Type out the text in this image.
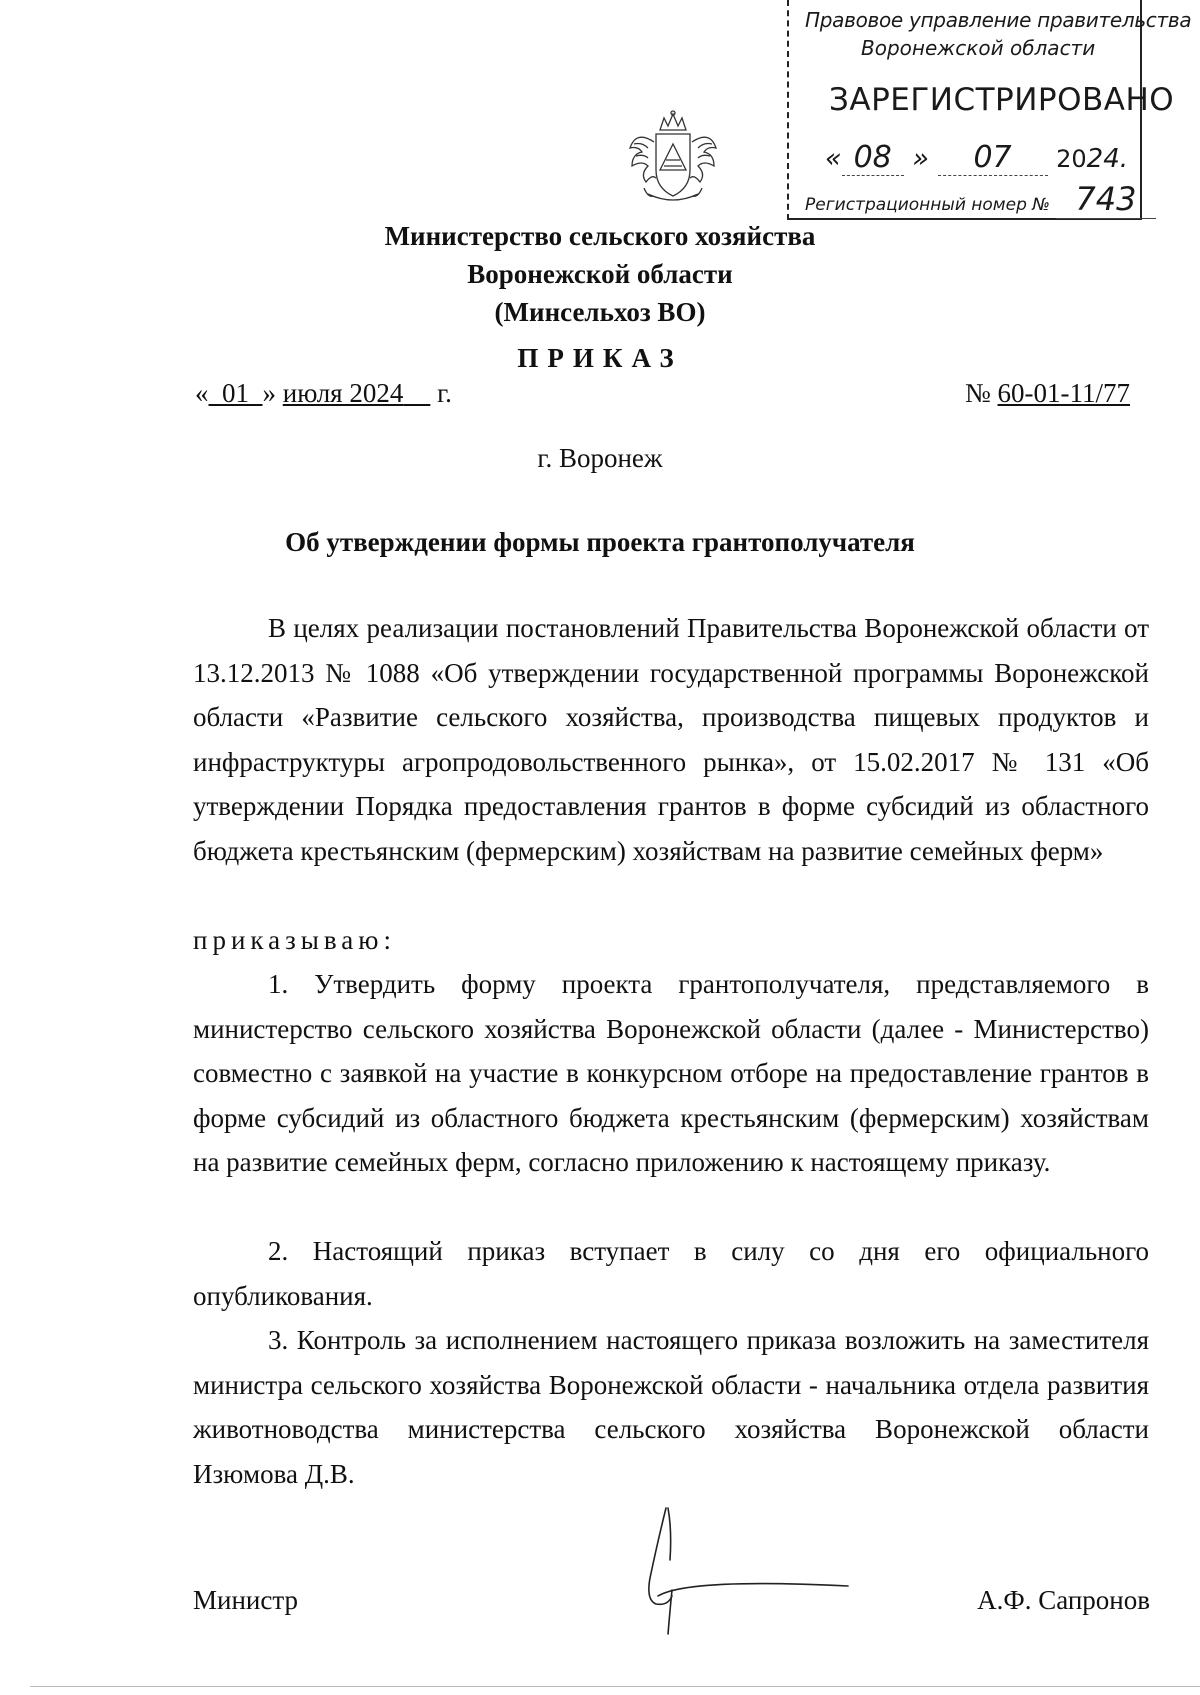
Правовое управление правительства
Воронежской области
ЗАРЕГИСТРИРОВАНО
« 08 » 07 2024.
Регистрационный номер № 743
Министерство сельского хозяйства
Воронежской области
(Минсельхоз ВО)
ПРИКАЗ
« 01 » июля 2024 г.	№ 60-01-11/77
г. Воронеж
Об утверждении формы проекта грантополучателя
В целях реализации постановлений Правительства Воронежской области от 13.12.2013 № 1088 «Об утверждении государственной программы Воронежской области «Развитие сельского хозяйства, производства пищевых продуктов и инфраструктуры агропродовольственного рынка», от 15.02.2017 № 131 «Об утверждении Порядка предоставления грантов в форме субсидий из областного бюджета крестьянским (фермерским) хозяйствам на развитие семейных ферм»
приказываю:
1. Утвердить форму проекта грантополучателя, представляемого в министерство сельского хозяйства Воронежской области (далее - Министерство) совместно с заявкой на участие в конкурсном отборе на предоставление грантов в форме субсидий из областного бюджета крестьянским (фермерским) хозяйствам на развитие семейных ферм, согласно приложению к настоящему приказу.
2. Настоящий приказ вступает в силу со дня его официального опубликования.
3. Контроль за исполнением настоящего приказа возложить на заместителя министра сельского хозяйства Воронежской области - начальника отдела развития животноводства министерства сельского хозяйства Воронежской области Изюмова Д.В.
Министр	А.Ф. Сапронов
